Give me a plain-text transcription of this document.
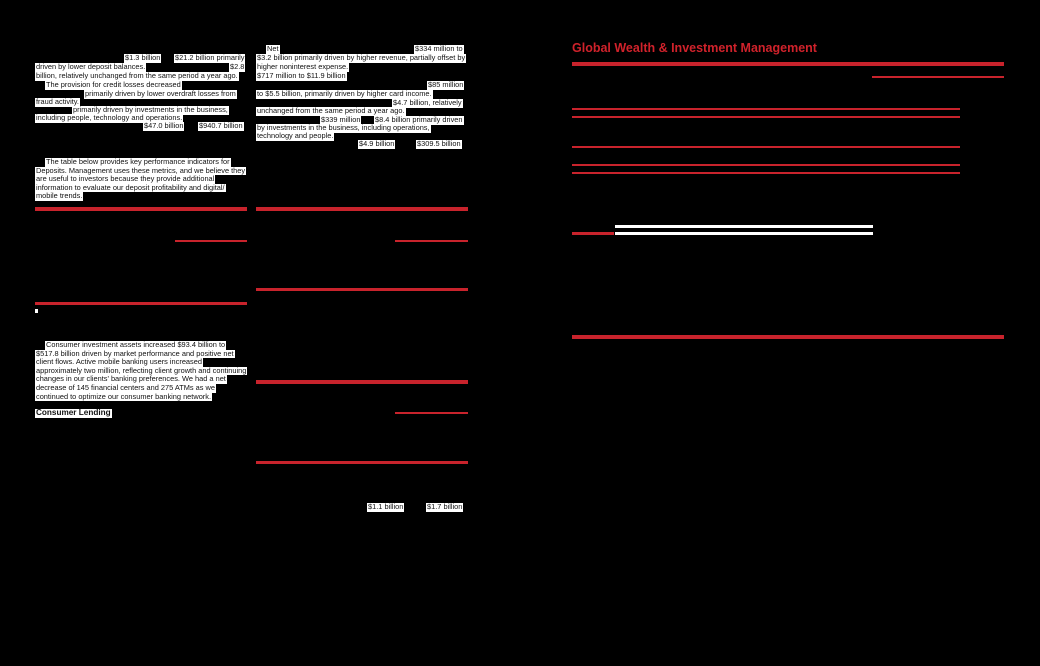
$1.3 billion $21.2 billion primarily
driven by lower deposit balances.	$2.8
billion, relatively unchanged from the same period a year ago.
The provision for credit losses decreased
primarily driven by lower overdraft losses from
fraud activity.
primarily driven by investments in the business,
including people, technology and operations.
$47.0 billion $940.7 billion
The table below provides key performance indicators for
Deposits. Management uses these metrics, and we believe they
are useful to investors because they provide additional
information to evaluate our deposit profitability and digital/
mobile trends.
Consumer investment assets increased $93.4 billion to
$517.8 billion driven by market performance and positive net
client flows. Active mobile banking users increased
approximately two million, reflecting client growth and continuing
changes in our clients' banking preferences. We had a net
decrease of 145 financial centers and 275 ATMs as we
continued to optimize our consumer banking network.
Consumer Lending
Net	$334 million to
$3.2 billion primarily driven by higher revenue, partially offset by
higher noninterest expense.
$717 million to $11.9 billion
$85 million
to $5.5 billion, primarily driven by higher card income.
$4.7 billion, relatively
unchanged from the same period a year ago.
$339 million $8.4 billion primarily driven
by investments in the business, including operations,
technology and people.
$4.9 billion	$309.5 billion
$1.1 billion	$1.7 billion
Global Wealth & Investment Management
